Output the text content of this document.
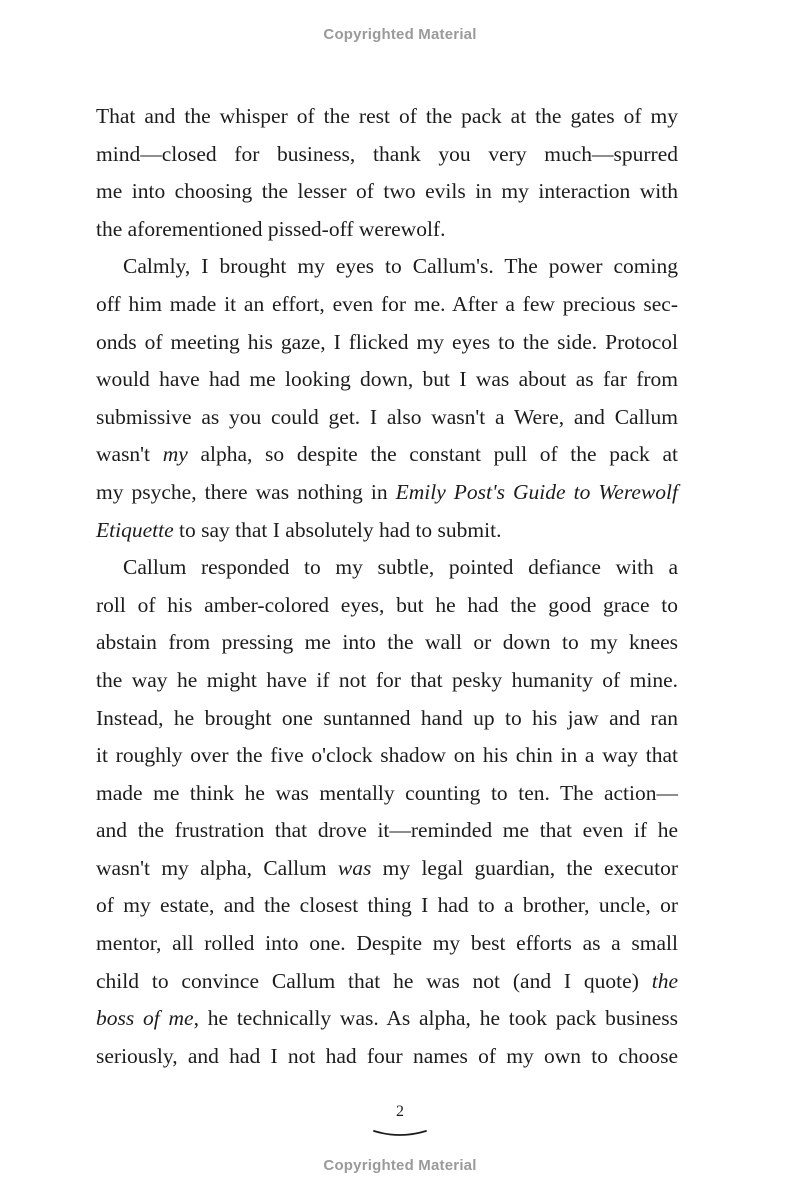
Copyrighted Material
That and the whisper of the rest of the pack at the gates of my
mind—closed for business, thank you very much—spurred
me into choosing the lesser of two evils in my interaction with
the aforementioned pissed-off werewolf.
Calmly, I brought my eyes to Callum's. The power coming
off him made it an effort, even for me. After a few precious sec-
onds of meeting his gaze, I flicked my eyes to the side. Protocol
would have had me looking down, but I was about as far from
submissive as you could get. I also wasn't a Were, and Callum
wasn't my alpha, so despite the constant pull of the pack at
my psyche, there was nothing in Emily Post's Guide to Werewolf
Etiquette to say that I absolutely had to submit.
Callum responded to my subtle, pointed defiance with a
roll of his amber-colored eyes, but he had the good grace to
abstain from pressing me into the wall or down to my knees
the way he might have if not for that pesky humanity of mine.
Instead, he brought one suntanned hand up to his jaw and ran
it roughly over the five o'clock shadow on his chin in a way that
made me think he was mentally counting to ten. The action—
and the frustration that drove it—reminded me that even if he
wasn't my alpha, Callum was my legal guardian, the executor
of my estate, and the closest thing I had to a brother, uncle, or
mentor, all rolled into one. Despite my best efforts as a small
child to convince Callum that he was not (and I quote) the
boss of me, he technically was. As alpha, he took pack business
seriously, and had I not had four names of my own to choose
2
Copyrighted Material
